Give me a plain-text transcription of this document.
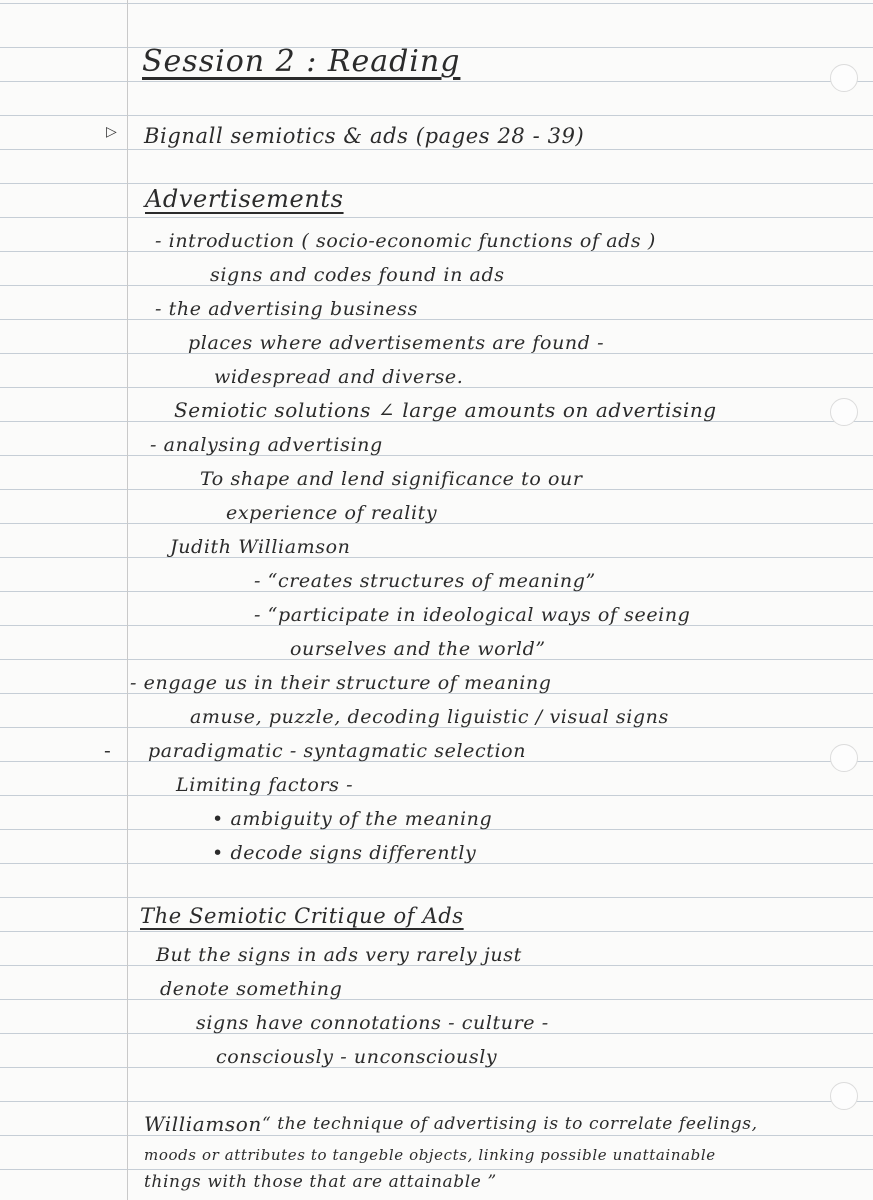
Session 2 : Reading
▷ Bignall semiotics & ads (pages 28 - 39)
Advertisements
- introduction ( socio-economic functions of ads )
signs and codes found in ads
- the advertising business
places where advertisements are found -
widespread and diverse.
Semiotic solutions ∠ large amounts on advertising
- analysing advertising
To shape and lend significance to our
experience of reality
Judith Williamson
- “creates structures of meaning”
- “participate in ideological ways of seeing
ourselves and the world”
- engage us in their structure of meaning
amuse, puzzle, decoding liguistic / visual signs
- paradigmatic - syntagmatic selection
Limiting factors -
• ambiguity of the meaning
• decode signs differently
The Semiotic Critique of Ads
But the signs in ads very rarely just
denote something
signs have connotations - culture -
consciously - unconsciously
Williamson “ the technique of advertising is to correlate feelings,
moods or attributes to tangeble objects, linking possible unattainable
things with those that are attainable ”
